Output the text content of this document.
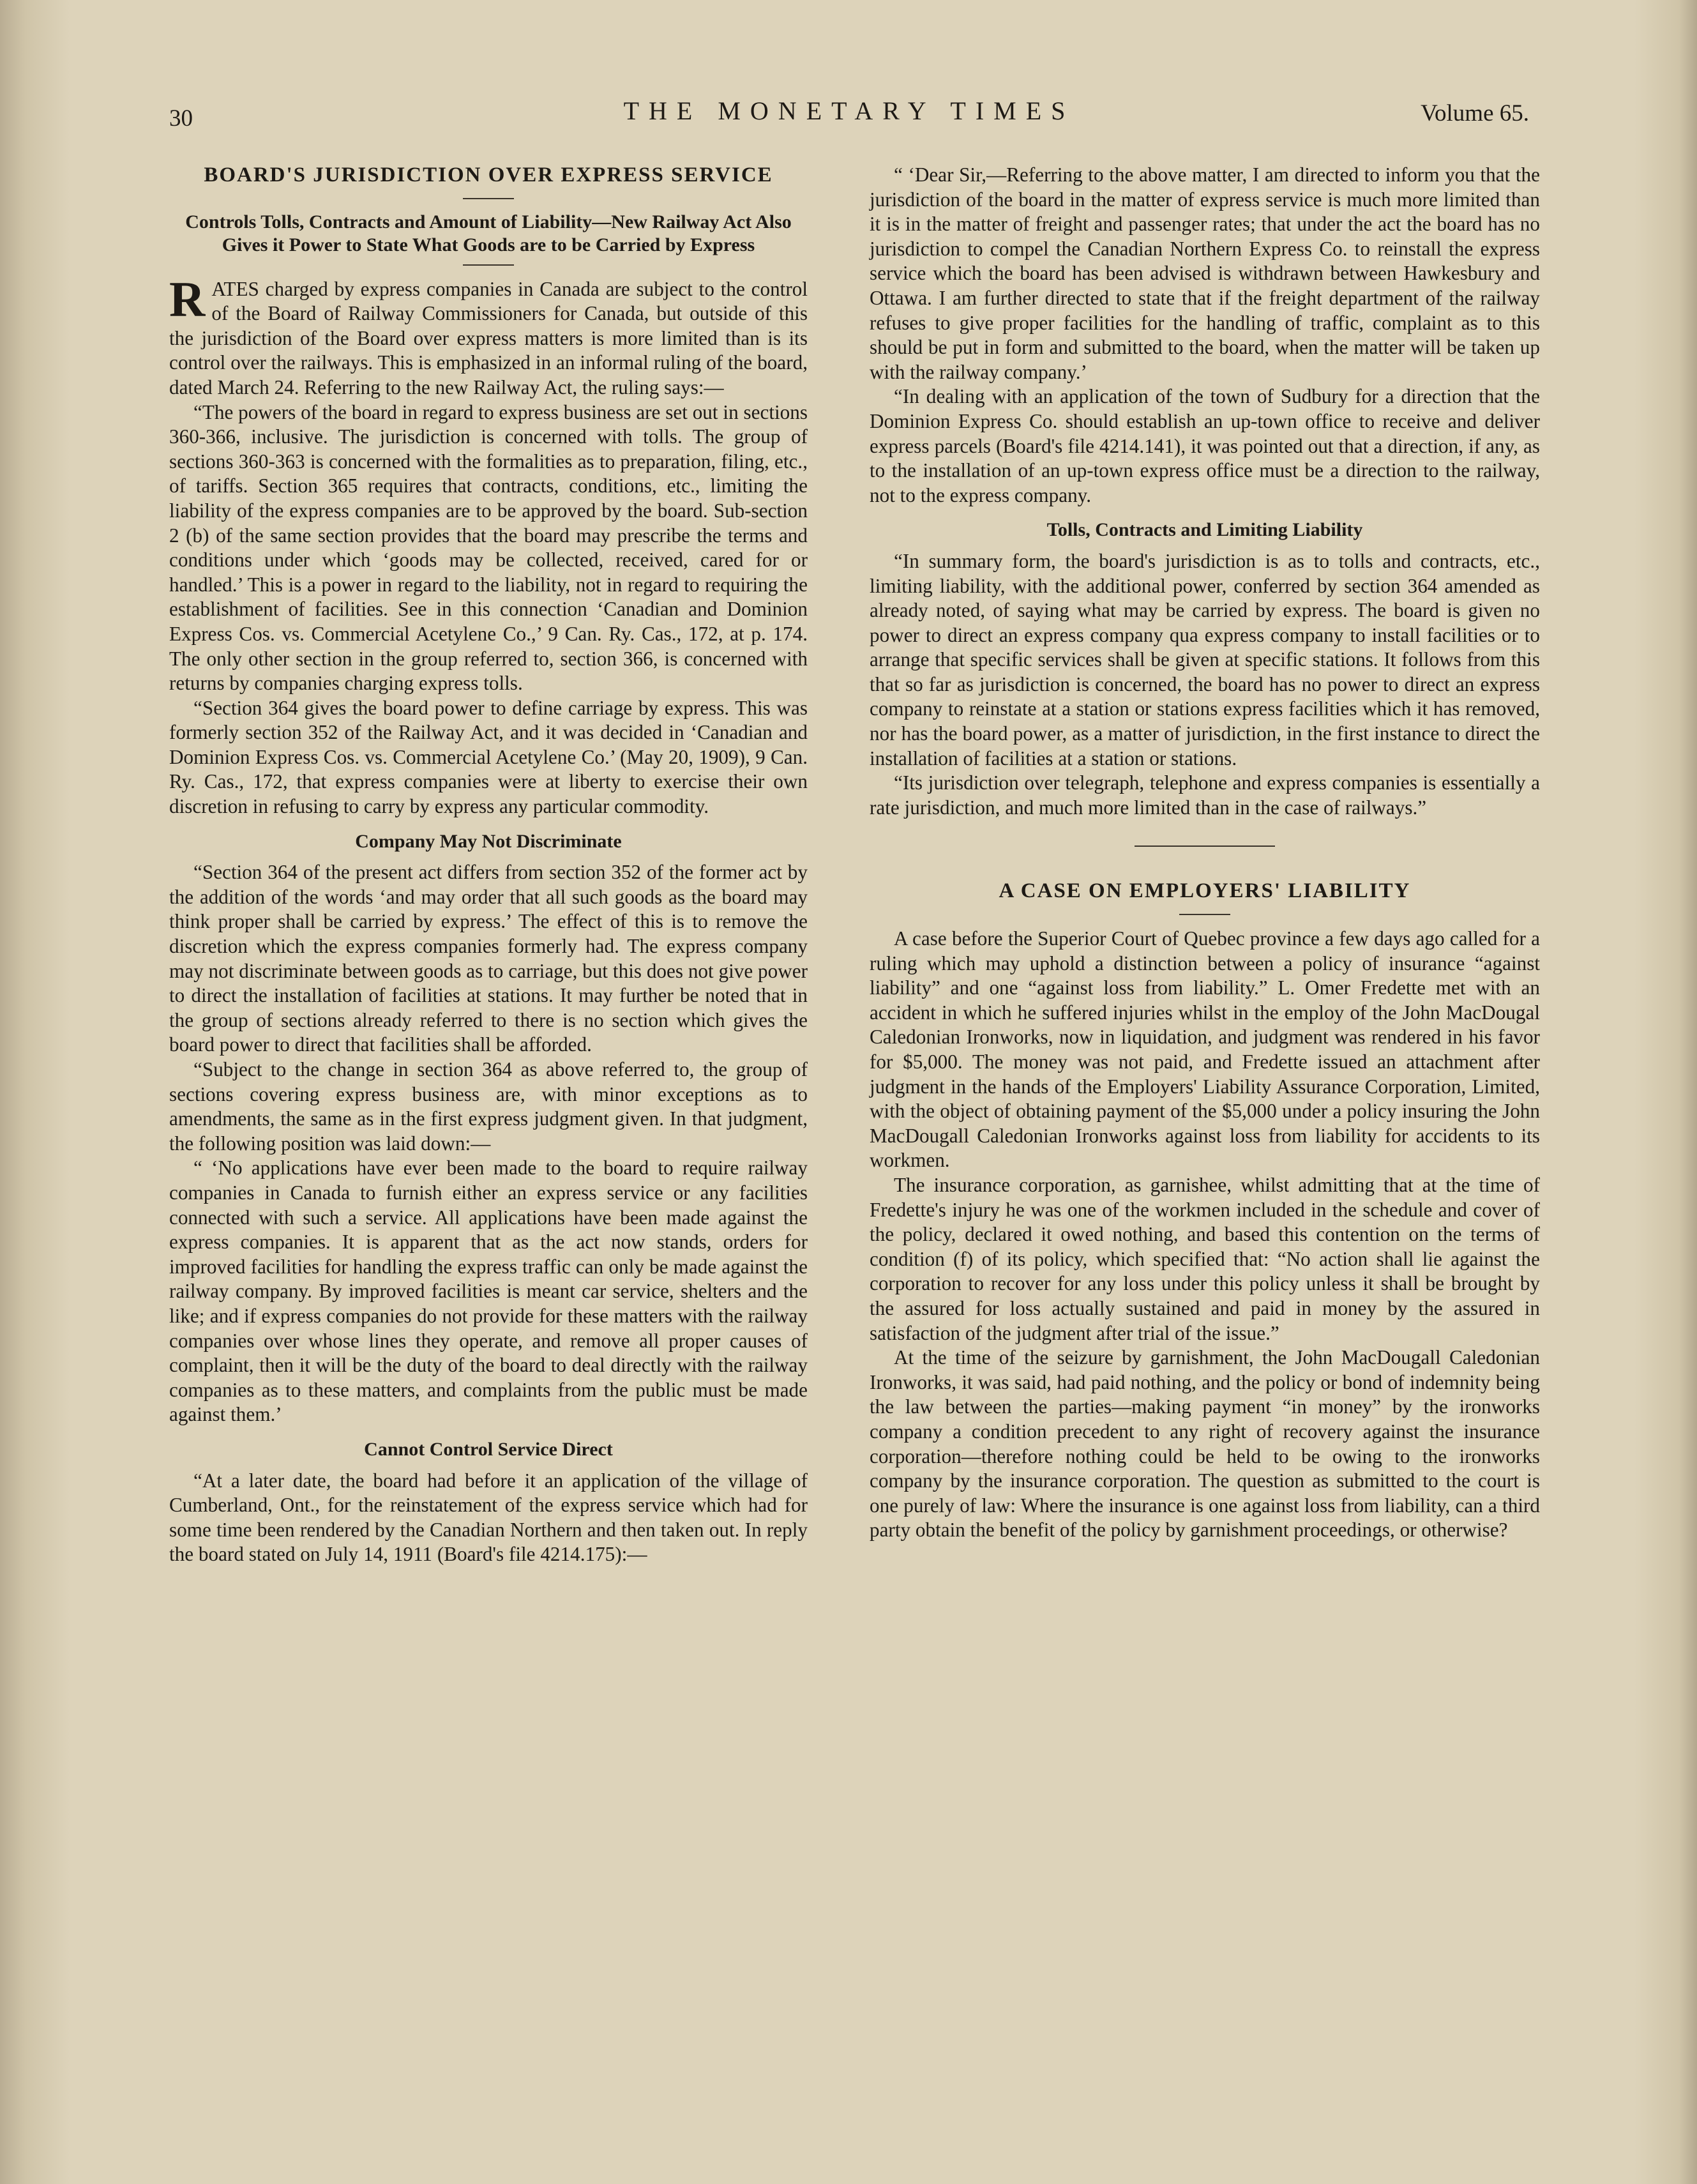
30	THE MONETARY TIMES	Volume 65.
BOARD'S JURISDICTION OVER EXPRESS SERVICE
Controls Tolls, Contracts and Amount of Liability—New Railway Act Also Gives it Power to State What Goods are to be Carried by Express

RATES charged by express companies in Canada are subject to the control of the Board of Railway Commissioners for Canada, but outside of this the jurisdiction of the Board over express matters is more limited than is its control over the railways. This is emphasized in an informal ruling of the board, dated March 24. Referring to the new Railway Act, the ruling says:—

“The powers of the board in regard to express business are set out in sections 360-366, inclusive. The jurisdiction is concerned with tolls. The group of sections 360-363 is concerned with the formalities as to preparation, filing, etc., of tariffs. Section 365 requires that contracts, conditions, etc., limiting the liability of the express companies are to be approved by the board. Sub-section 2 (b) of the same section provides that the board may prescribe the terms and conditions under which ‘goods may be collected, received, cared for or handled.’ This is a power in regard to the liability, not in regard to requiring the establishment of facilities. See in this connection ‘Canadian and Dominion Express Cos. vs. Commercial Acetylene Co.,’ 9 Can. Ry. Cas., 172, at p. 174. The only other section in the group referred to, section 366, is concerned with returns by companies charging express tolls.

“Section 364 gives the board power to define carriage by express. This was formerly section 352 of the Railway Act, and it was decided in ‘Canadian and Dominion Express Cos. vs. Commercial Acetylene Co.’ (May 20, 1909), 9 Can. Ry. Cas., 172, that express companies were at liberty to exercise their own discretion in refusing to carry by express any particular commodity.

Company May Not Discriminate

“Section 364 of the present act differs from section 352 of the former act by the addition of the words ‘and may order that all such goods as the board may think proper shall be carried by express.’ The effect of this is to remove the discretion which the express companies formerly had. The express company may not discriminate between goods as to carriage, but this does not give power to direct the installation of facilities at stations. It may further be noted that in the group of sections already referred to there is no section which gives the board power to direct that facilities shall be afforded.

“Subject to the change in section 364 as above referred to, the group of sections covering express business are, with minor exceptions as to amendments, the same as in the first express judgment given. In that judgment, the following position was laid down:—

“ ‘No applications have ever been made to the board to require railway companies in Canada to furnish either an express service or any facilities connected with such a service. All applications have been made against the express companies. It is apparent that as the act now stands, orders for improved facilities for handling the express traffic can only be made against the railway company. By improved facilities is meant car service, shelters and the like; and if express companies do not provide for these matters with the railway companies over whose lines they operate, and remove all proper causes of complaint, then it will be the duty of the board to deal directly with the railway companies as to these matters, and complaints from the public must be made against them.’

Cannot Control Service Direct

“At a later date, the board had before it an application of the village of Cumberland, Ont., for the reinstatement of the express service which had for some time been rendered by the Canadian Northern and then taken out. In reply the board stated on July 14, 1911 (Board's file 4214.175):—

“ ‘Dear Sir,—Referring to the above matter, I am directed to inform you that the jurisdiction of the board in the matter of express service is much more limited than it is in the matter of freight and passenger rates; that under the act the board has no jurisdiction to compel the Canadian Northern Express Co. to reinstall the express service which the board has been advised is withdrawn between Hawkesbury and Ottawa. I am further directed to state that if the freight department of the railway refuses to give proper facilities for the handling of traffic, complaint as to this should be put in form and submitted to the board, when the matter will be taken up with the railway company.’

“In dealing with an application of the town of Sudbury for a direction that the Dominion Express Co. should establish an up-town office to receive and deliver express parcels (Board's file 4214.141), it was pointed out that a direction, if any, as to the installation of an up-town express office must be a direction to the railway, not to the express company.

Tolls, Contracts and Limiting Liability

“In summary form, the board's jurisdiction is as to tolls and contracts, etc., limiting liability, with the additional power, conferred by section 364 amended as already noted, of saying what may be carried by express. The board is given no power to direct an express company qua express company to install facilities or to arrange that specific services shall be given at specific stations. It follows from this that so far as jurisdiction is concerned, the board has no power to direct an express company to reinstate at a station or stations express facilities which it has removed, nor has the board power, as a matter of jurisdiction, in the first instance to direct the installation of facilities at a station or stations.

“Its jurisdiction over telegraph, telephone and express companies is essentially a rate jurisdiction, and much more limited than in the case of railways.”

A CASE ON EMPLOYERS' LIABILITY

A case before the Superior Court of Quebec province a few days ago called for a ruling which may uphold a distinction between a policy of insurance “against liability” and one “against loss from liability.” L. Omer Fredette met with an accident in which he suffered injuries whilst in the employ of the John MacDougal Caledonian Ironworks, now in liquidation, and judgment was rendered in his favor for $5,000. The money was not paid, and Fredette issued an attachment after judgment in the hands of the Employers' Liability Assurance Corporation, Limited, with the object of obtaining payment of the $5,000 under a policy insuring the John MacDougall Caledonian Ironworks against loss from liability for accidents to its workmen.

The insurance corporation, as garnishee, whilst admitting that at the time of Fredette's injury he was one of the workmen included in the schedule and cover of the policy, declared it owed nothing, and based this contention on the terms of condition (f) of its policy, which specified that: “No action shall lie against the corporation to recover for any loss under this policy unless it shall be brought by the assured for loss actually sustained and paid in money by the assured in satisfaction of the judgment after trial of the issue.”

At the time of the seizure by garnishment, the John MacDougall Caledonian Ironworks, it was said, had paid nothing, and the policy or bond of indemnity being the law between the parties—making payment “in money” by the ironworks company a condition precedent to any right of recovery against the insurance corporation—therefore nothing could be held to be owing to the ironworks company by the insurance corporation. The question as submitted to the court is one purely of law: Where the insurance is one against loss from liability, can a third party obtain the benefit of the policy by garnishment proceedings, or otherwise?
